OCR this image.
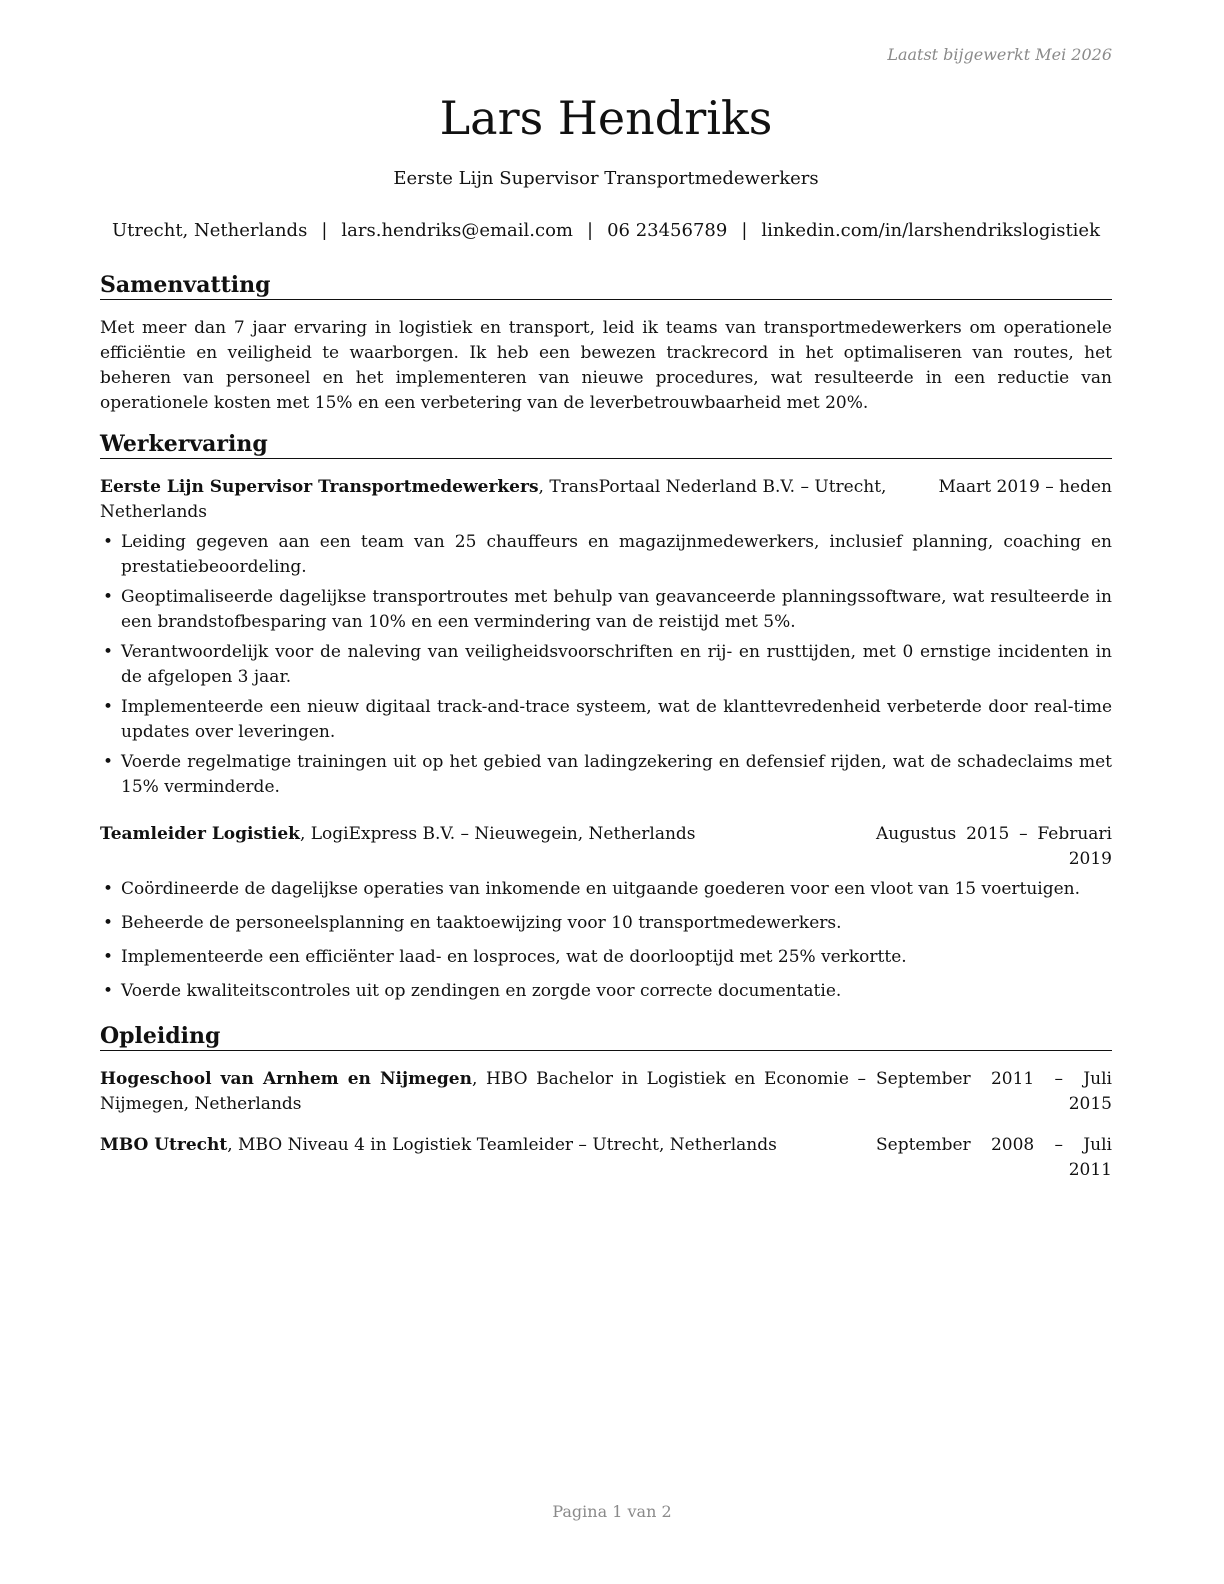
Laatst bijgewerkt Mei 2026
Lars Hendriks
Eerste Lijn Supervisor Transportmedewerkers
Utrecht, Netherlands | lars.hendriks@email.com | 06 23456789 | linkedin.com/in/larshendrikslogistiek
Samenvatting
Met meer dan 7 jaar ervaring in logistiek en transport, leid ik teams van transportmedewerkers om operationele efficiëntie en veiligheid te waarborgen. Ik heb een bewezen trackrecord in het optimaliseren van routes, het beheren van personeel en het implementeren van nieuwe procedures, wat resulteerde in een reductie van operationele kosten met 15% en een verbetering van de leverbetrouwbaarheid met 20%.
Werkervaring
Eerste Lijn Supervisor Transportmedewerkers, TransPortaal Nederland B.V. – Utrecht, Netherlands
Maart 2019 – heden
• Leiding gegeven aan een team van 25 chauffeurs en magazijnmedewerkers, inclusief planning, coaching en prestatiebeoordeling.
• Geoptimaliseerde dagelijkse transportroutes met behulp van geavanceerde planningssoftware, wat resulteerde in een brandstofbesparing van 10% en een vermindering van de reistijd met 5%.
• Verantwoordelijk voor de naleving van veiligheidsvoorschriften en rij- en rusttijden, met 0 ernstige incidenten in de afgelopen 3 jaar.
• Implementeerde een nieuw digitaal track-and-trace systeem, wat de klanttevredenheid verbeterde door real-time updates over leveringen.
• Voerde regelmatige trainingen uit op het gebied van ladingzekering en defensief rijden, wat de schadeclaims met 15% verminderde.
Teamleider Logistiek, LogiExpress B.V. – Nieuwegein, Netherlands	Augustus 2015 – Februari
2019
• Coördineerde de dagelijkse operaties van inkomende en uitgaande goederen voor een vloot van 15 voertuigen.
• Beheerde de personeelsplanning en taaktoewijzing voor 10 transportmedewerkers.
• Implementeerde een efficiënter laad- en losproces, wat de doorlooptijd met 25% verkortte.
• Voerde kwaliteitscontroles uit op zendingen en zorgde voor correcte documentatie.
Opleiding
Hogeschool van Arnhem en Nijmegen, HBO Bachelor in Logistiek en Economie – Nijmegen, Netherlands
September 2011 – Juli
2015
MBO Utrecht, MBO Niveau 4 in Logistiek Teamleider – Utrecht, Netherlands	September 2008 – Juli
2011
Pagina 1 van 2
